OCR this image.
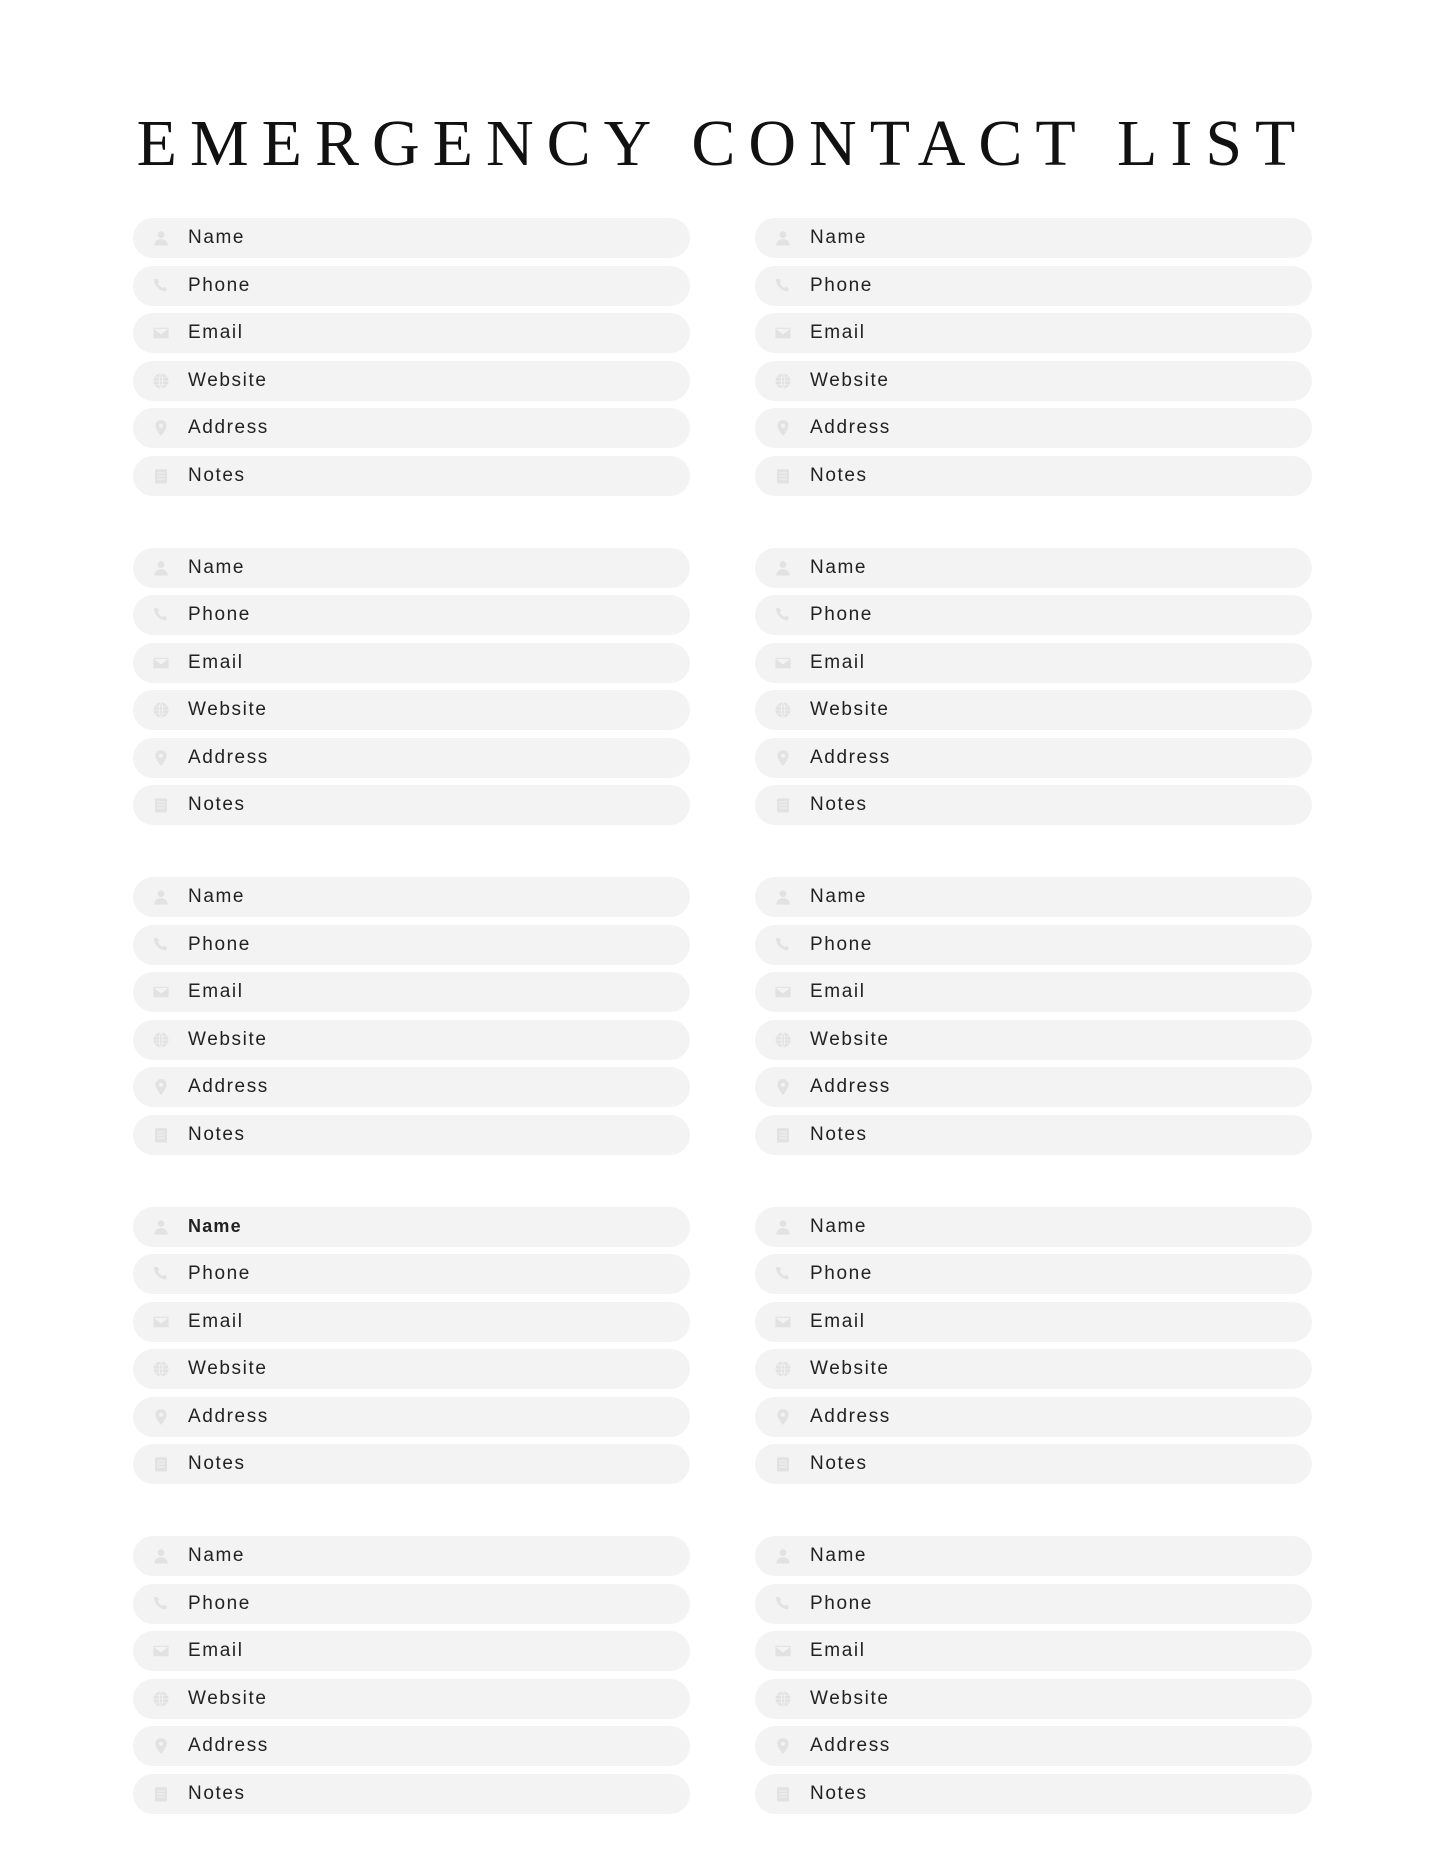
EMERGENCY CONTACT LIST
Name
Phone
Email
Website
Address
Notes
Name
Phone
Email
Website
Address
Notes
Name
Phone
Email
Website
Address
Notes
Name
Phone
Email
Website
Address
Notes
Name
Phone
Email
Website
Address
Notes
Name
Phone
Email
Website
Address
Notes
Name
Phone
Email
Website
Address
Notes
Name
Phone
Email
Website
Address
Notes
Name
Phone
Email
Website
Address
Notes
Name
Phone
Email
Website
Address
Notes
